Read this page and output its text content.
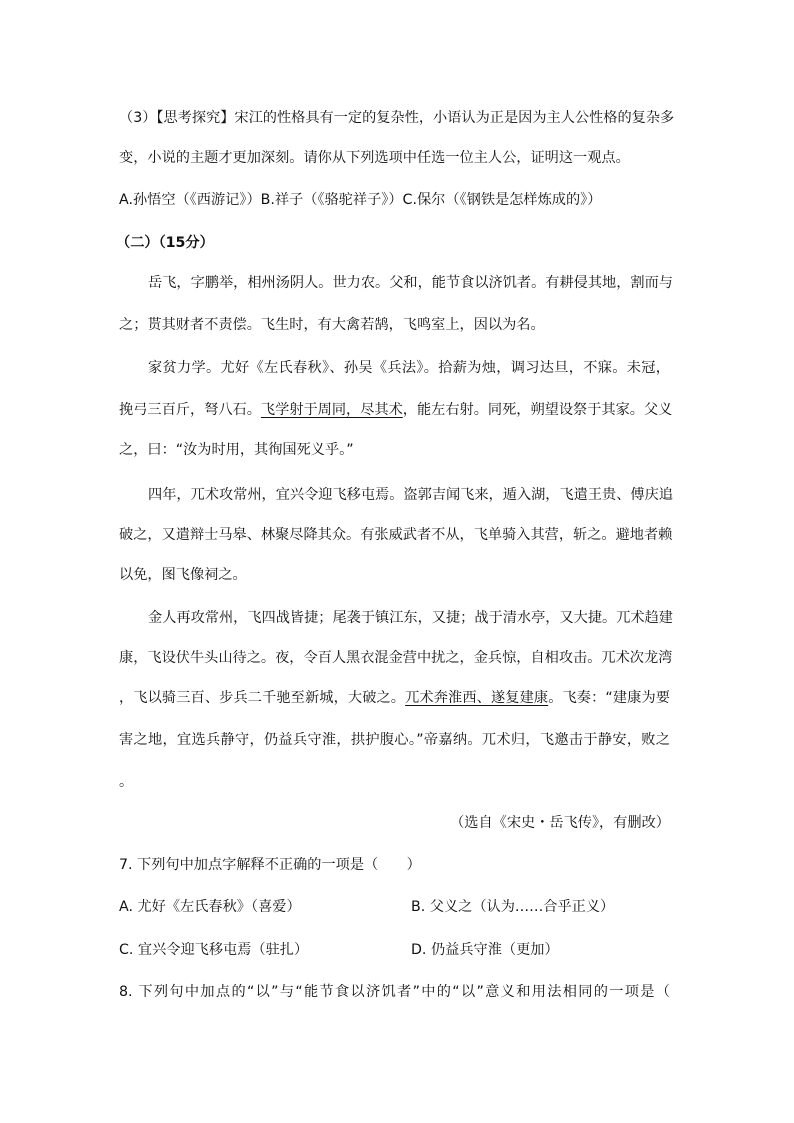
（3）【思考探究】宋江的性格具有一定的复杂性，小语认为正是因为主人公性格的复杂多
变，小说的主题才更加深刻。请你从下列选项中任选一位主人公，证明这一观点。
A.孙悟空（《西游记》）B.祥子（《骆驼祥子》）C.保尔（《钢铁是怎样炼成的》）
（二）（15分）
岳飞，字鹏举，相州汤阴人。世力农。父和，能节食以济饥者。有耕侵其地，割而与
之；贳其财者不责偿。飞生时，有大禽若鹄，飞鸣室上，因以为名。
家贫力学。尤好《左氏春秋》、孙吴《兵法》。拾薪为烛，调习达旦，不寐。未冠，
挽弓三百斤，弩八石。飞学射于周同，尽其术，能左右射。同死，朔望设祭于其家。父义
之，曰：“汝为时用，其徇国死义乎。”
四年，兀术攻常州，宜兴令迎飞移屯焉。盗郭吉闻飞来，遁入湖，飞遣王贵、傅庆追
破之，又遣辩士马皋、林聚尽降其众。有张威武者不从，飞单骑入其营，斩之。避地者赖
以免，图飞像祠之。
金人再攻常州，飞四战皆捷；尾袭于镇江东，又捷；战于清水亭，又大捷。兀术趋建
康，飞设伏牛头山待之。夜，令百人黑衣混金营中扰之，金兵惊，自相攻击。兀术次龙湾
，飞以骑三百、步兵二千驰至新城，大破之。兀术奔淮西、遂复建康。飞奏：“建康为要
害之地，宜选兵静守，仍益兵守淮，拱护腹心。”帝嘉纳。兀术归，飞邀击于静安，败之
。
（选自《宋史・岳飞传》，有删改）
7. 下列句中加点字解释不正确的一项是（　　）
A. 尤好《左氏春秋》（喜爱）	B. 父义之（认为……合乎正义）
C. 宜兴令迎飞移屯焉（驻扎）	D. 仍益兵守淮（更加）
8. 下列句中加点的“以”与“能节食以济饥者”中的“以”意义和用法相同的一项是（
